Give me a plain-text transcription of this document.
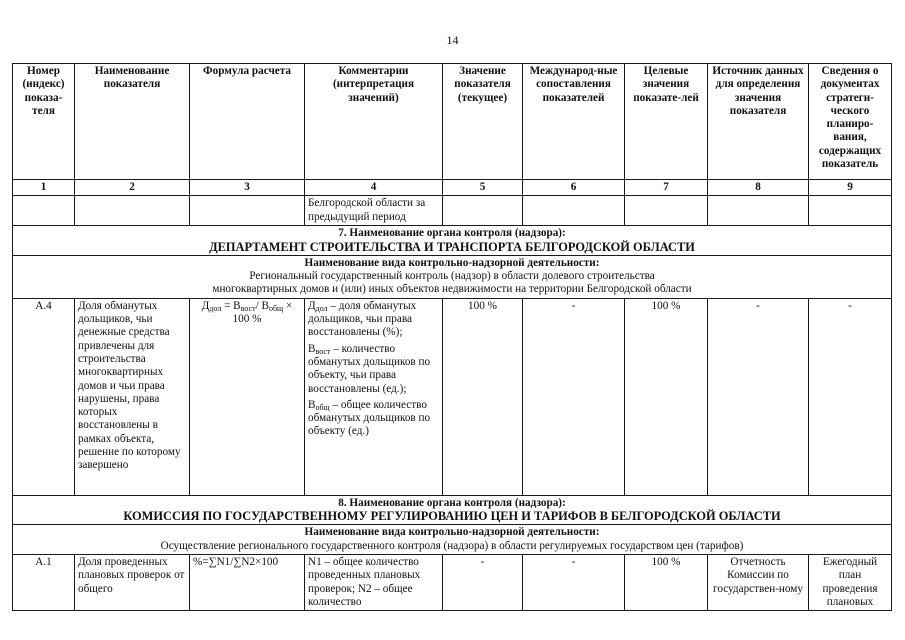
14
Номер (индекс) показа-теля	Наименование показателя	Формула расчета	Комментарии (интерпретация значений)	Значение показателя (текущее)	Международ-ные сопоставления показателей	Целевые значения показате-лей	Источник данных для определения значения показателя	Сведения о документах стратеги-ческого планиро-вания, содержащих показатель
1	2	3	4	5	6	7	8	9
			Белгородской области за предыдущий период					

7. Наименование органа контроля (надзора):
ДЕПАРТАМЕНТ СТРОИТЕЛЬСТВА И ТРАНСПОРТА БЕЛГОРОДСКОЙ ОБЛАСТИ								

Наименование вида контрольно-надзорной деятельности:
Региональный государственный контроль (надзор) в области долевого строительства
многоквартирных домов и (или) иных объектов недвижимости на территории Белгородской области								

А.4	Доля обманутых дольщиков, чьи денежные средства привлечены для строительства многоквартирных домов и чьи права нарушены, права которых восстановлены в рамках объекта, решение по которому завершено	$Д_{дол} = В_{вост}/$ $В_{общ} \times 100$ %	$Д_{дол}$ – доля обманутых дольщиков, чьи права восстановлены (%);
$В_{вост}$ – количество обманутых дольщиков по объекту, чьи права восстановлены (ед.);
$В_{общ}$ – общее количество обманутых дольщиков по объекту (ед.)	100 %	-	100 %	-	-

8. Наименование органа контроля (надзора):
КОМИССИЯ ПО ГОСУДАРСТВЕННОМУ РЕГУЛИРОВАНИЮ ЦЕН И ТАРИФОВ В БЕЛГОРОДСКОЙ ОБЛАСТИ								

Наименование вида контрольно-надзорной деятельности:
Осуществление регионального государственного контроля (надзора) в области регулируемых государством цен (тарифов)								

А.1	Доля проведенных плановых проверок от общего	%=∑N1/∑N2×100	N1 – общее количество проведенных плановых проверок; N2 – общее количество	-	-	100 %	Отчетность Комиссии по государствен-ному	Ежегодный план проведения плановых
